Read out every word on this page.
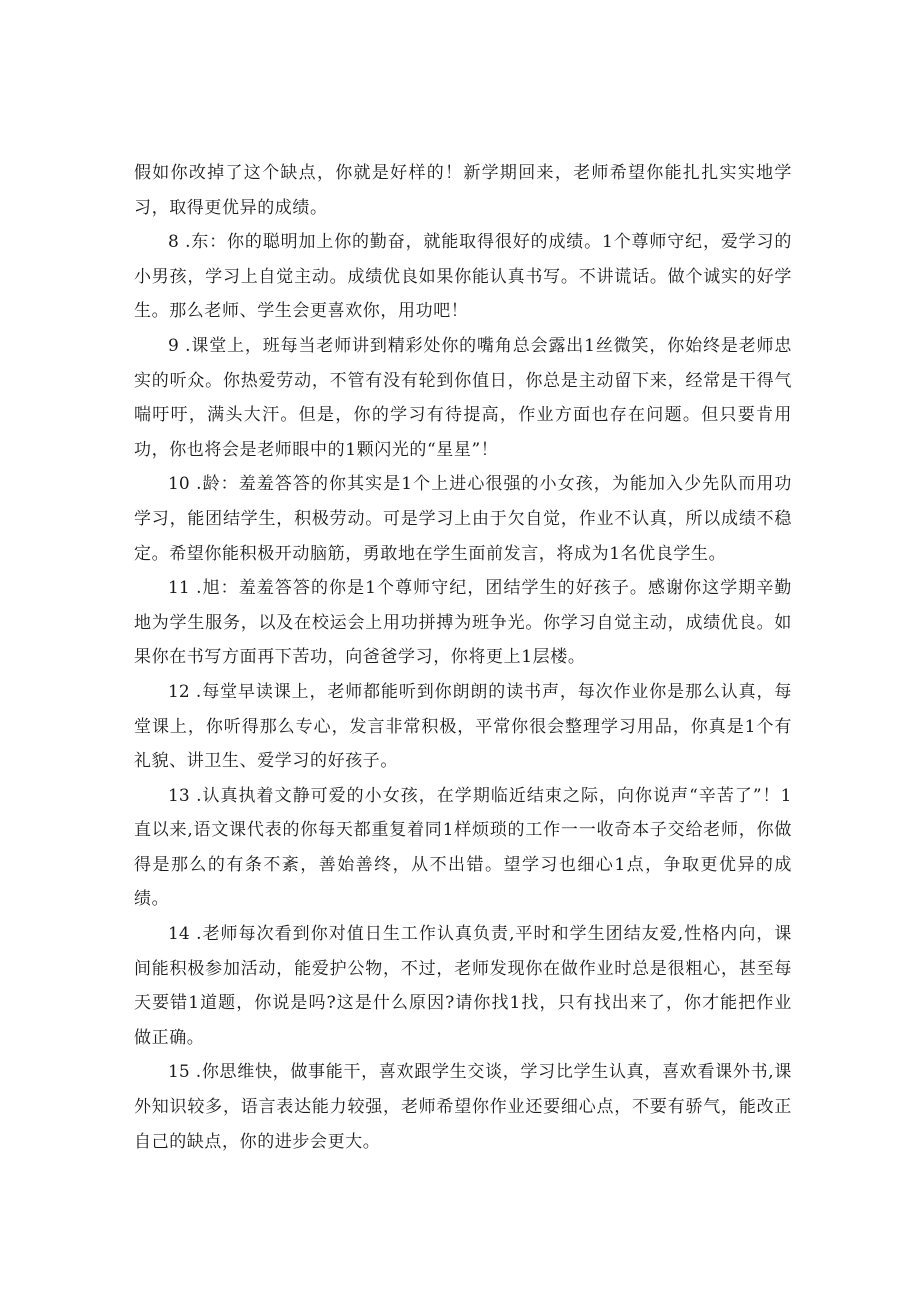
假如你改掉了这个缺点，你就是好样的！新学期回来，老师希望你能扎扎实实地学习，取得更优异的成绩。

8 .东：你的聪明加上你的勤奋，就能取得很好的成绩。1个尊师守纪，爱学习的小男孩，学习上自觉主动。成绩优良如果你能认真书写。不讲谎话。做个诚实的好学生。那么老师、学生会更喜欢你，用功吧！

9 .课堂上，班每当老师讲到精彩处你的嘴角总会露出1丝微笑，你始终是老师忠实的听众。你热爱劳动，不管有没有轮到你值日，你总是主动留下来，经常是干得气喘吁吁，满头大汗。但是，你的学习有待提高，作业方面也存在问题。但只要肯用功，你也将会是老师眼中的1颗闪光的“星星”！

10 .龄：羞羞答答的你其实是1个上进心很强的小女孩，为能加入少先队而用功学习，能团结学生，积极劳动。可是学习上由于欠自觉，作业不认真，所以成绩不稳定。希望你能积极开动脑筋，勇敢地在学生面前发言，将成为1名优良学生。

11 .旭：羞羞答答的你是1个尊师守纪，团结学生的好孩子。感谢你这学期辛勤地为学生服务，以及在校运会上用功拼搏为班争光。你学习自觉主动，成绩优良。如果你在书写方面再下苦功，向爸爸学习，你将更上1层楼。

12 .每堂早读课上，老师都能听到你朗朗的读书声，每次作业你是那么认真，每堂课上，你听得那么专心，发言非常积极，平常你很会整理学习用品，你真是1个有礼貌、讲卫生、爱学习的好孩子。

13 .认真执着文静可爱的小女孩，在学期临近结束之际，向你说声“辛苦了”！1直以来,语文课代表的你每天都重复着同1样烦琐的工作一一收奇本子交给老师，你做得是那么的有条不紊，善始善终，从不出错。望学习也细心1点，争取更优异的成绩。

14 .老师每次看到你对值日生工作认真负责,平时和学生团结友爱,性格内向，课间能积极参加活动，能爱护公物，不过，老师发现你在做作业时总是很粗心，甚至每天要错1道题，你说是吗?这是什么原因?请你找1找，只有找出来了，你才能把作业做正确。

15 .你思维快，做事能干，喜欢跟学生交谈，学习比学生认真，喜欢看课外书,课外知识较多，语言表达能力较强，老师希望你作业还要细心点，不要有骄气，能改正自己的缺点，你的进步会更大。
